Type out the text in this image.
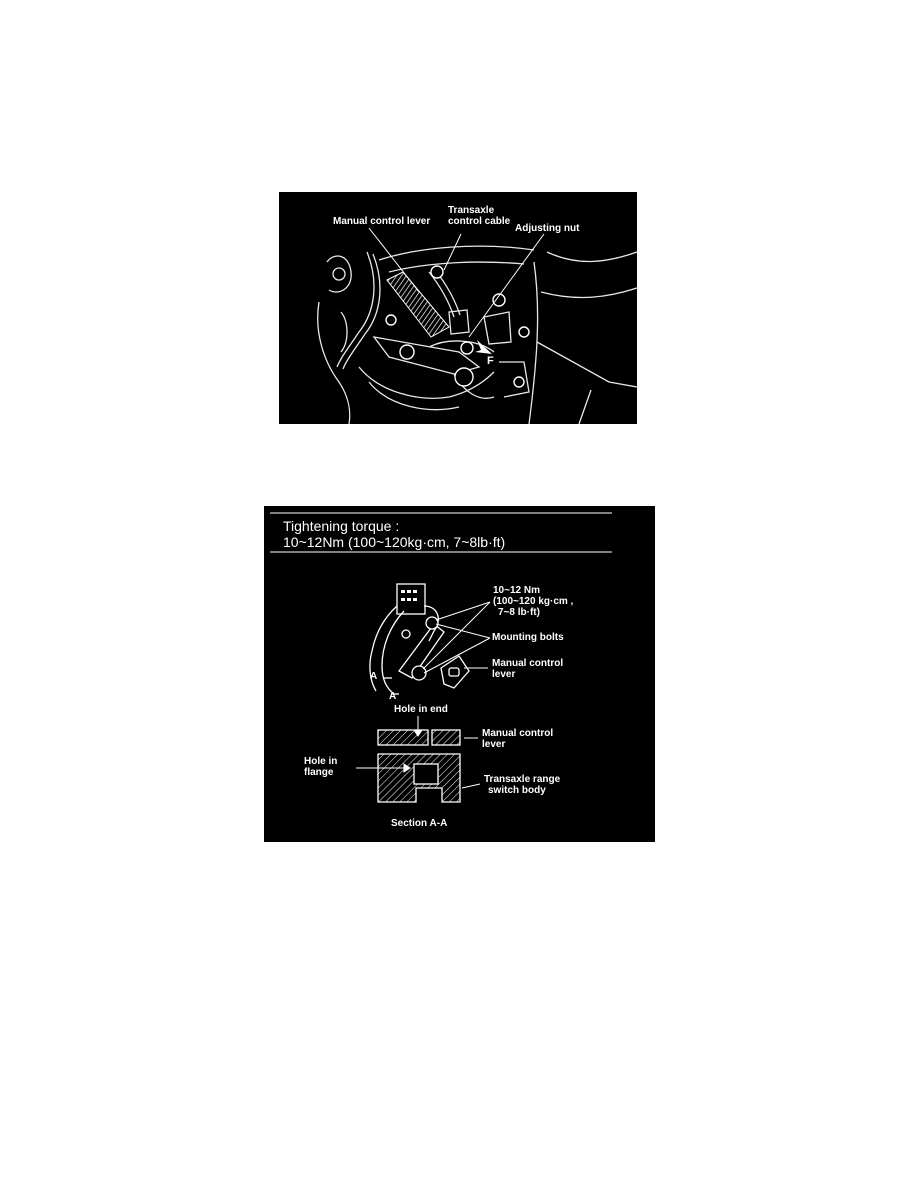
Manual control lever
Transaxle
control cable
Adjusting nut
F
Tightening torque :
10~12Nm (100~120kg·cm, 7~8lb·ft)
10~12 Nm
(100~120 kg·cm ,
7~8 lb·ft)
Mounting bolts
Manual control
lever
A
A
Hole in end
Manual control
lever
Hole in
flange
Transaxle range
switch body
Section A-A
